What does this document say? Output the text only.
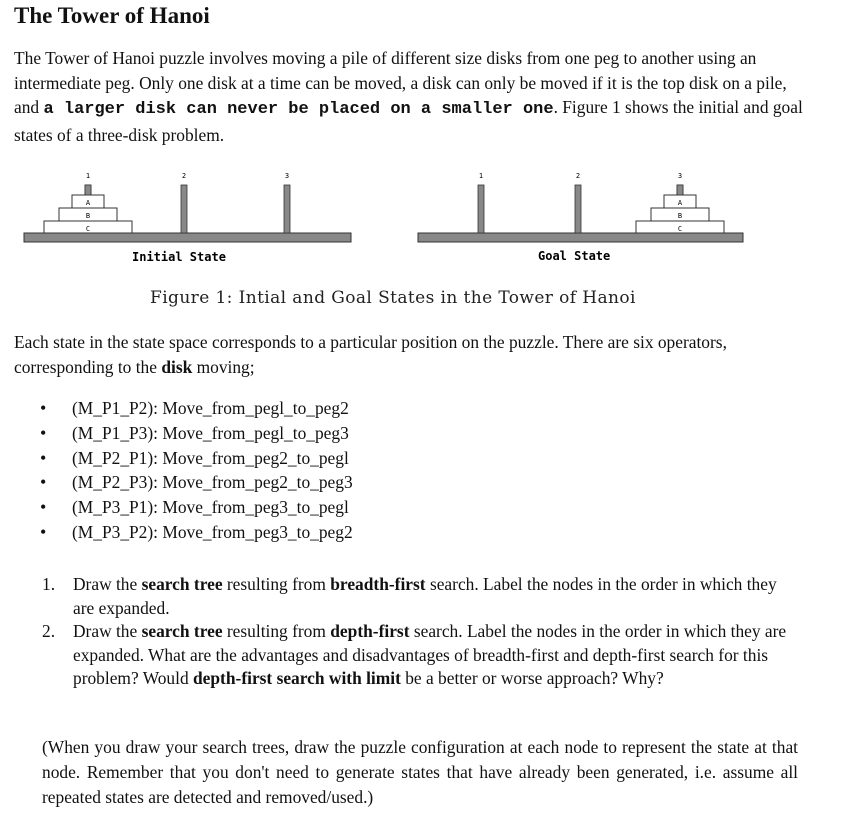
The Tower of Hanoi

The Tower of Hanoi puzzle involves moving a pile of different size disks from one peg to another using an intermediate peg. Only one disk at a time can be moved, a disk can only be moved if it is the top disk on a pile, and a larger disk can never be placed on a smaller one. Figure 1 shows the initial and goal states of a three-disk problem.

1	2	3
A
B
C
Initial State
1	2	3
A
B
C
Goal State
Figure 1: Intial and Goal States in the Tower of Hanoi

Each state in the state space corresponds to a particular position on the puzzle. There are six operators, corresponding to the disk moving;

• (M_P1_P2): Move_from_pegl_to_peg2
• (M_P1_P3): Move_from_pegl_to_peg3
• (M_P2_P1): Move_from_peg2_to_pegl
• (M_P2_P3): Move_from_peg2_to_peg3
• (M_P3_P1): Move_from_peg3_to_pegl
• (M_P3_P2): Move_from_peg3_to_peg2
1. Draw the search tree resulting from breadth-first search. Label the nodes in the order in which they are expanded.
2. Draw the search tree resulting from depth-first search. Label the nodes in the order in which they are expanded. What are the advantages and disadvantages of breadth-first and depth-first search for this problem? Would depth-first search with limit be a better or worse approach? Why?

(When you draw your search trees, draw the puzzle configuration at each node to represent the state at that node. Remember that you don't need to generate states that have already been generated, i.e. assume all repeated states are detected and removed/used.)
